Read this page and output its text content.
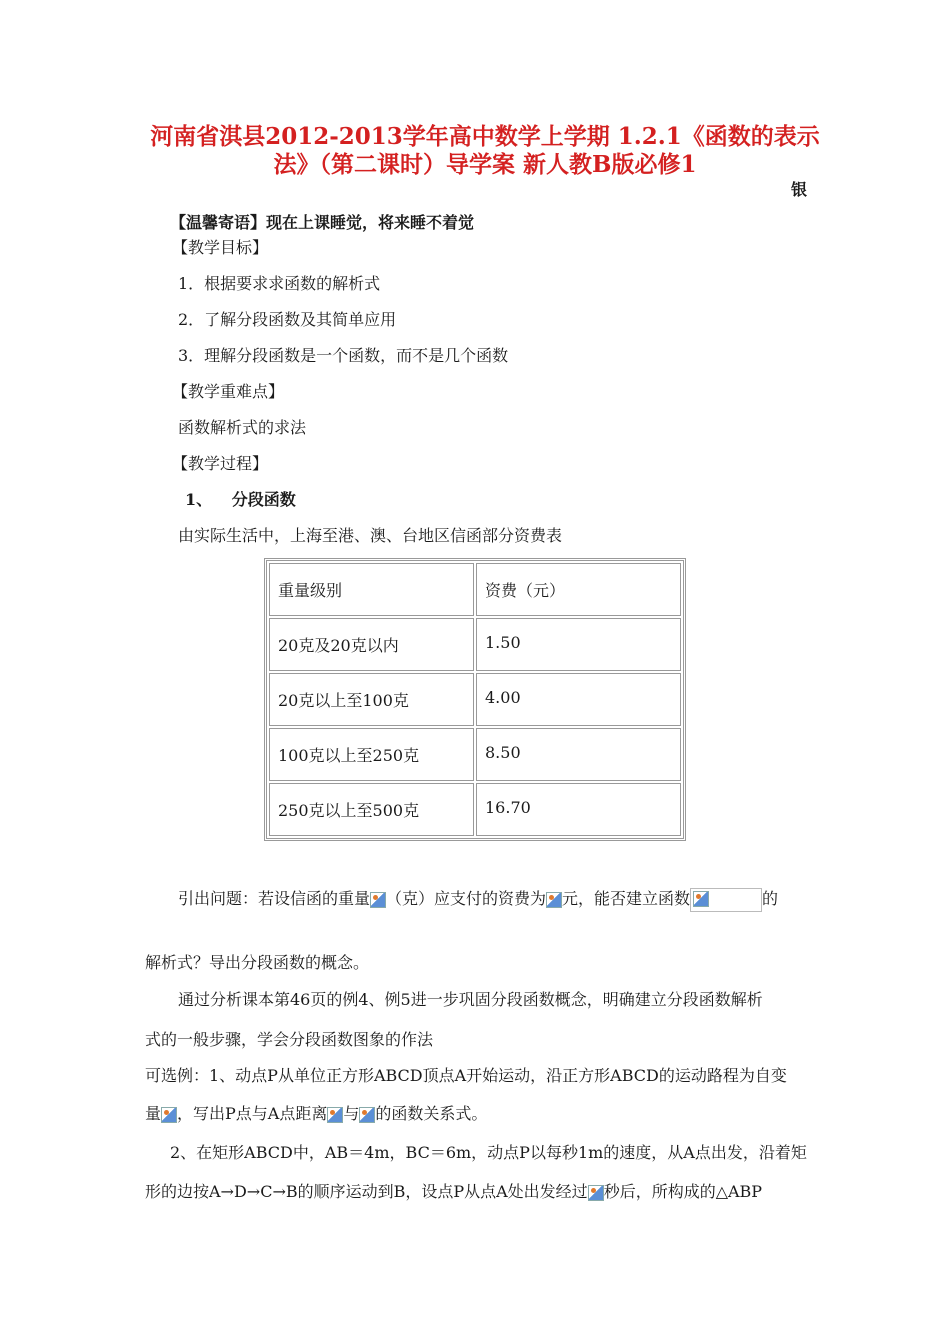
河南省淇县2012-2013学年高中数学上学期 1.2.1《函数的表示
法》（第二课时）导学案 新人教B版必修1
银
【温馨寄语】现在上课睡觉，将来睡不着觉
【教学目标】
1．根据要求求函数的解析式
2．了解分段函数及其简单应用
3．理解分段函数是一个函数，而不是几个函数
【教学重难点】
函数解析式的求法
【教学过程】
1、 分段函数
由实际生活中，上海至港、澳、台地区信函部分资费表
重量级别	资费（元）
20克及20克以内	1.50
20克以上至100克	4.00
100克以上至250克	8.50
250克以上至500克	16.70
引出问题：若设信函的重量 （克）应支付的资费为 元，能否建立函数	的
解析式？导出分段函数的概念。
通过分析课本第46页的例4、例5进一步巩固分段函数概念，明确建立分段函数解析
式的一般步骤，学会分段函数图象的作法
可选例：1、动点P从单位正方形ABCD顶点A开始运动，沿正方形ABCD的运动路程为自变
量 ，写出P点与A点距离 与 的函数关系式。
2、在矩形ABCD中，AB＝4m，BC＝6m，动点P以每秒1m的速度，从A点出发，沿着矩
形的边按A→D→C→B的顺序运动到B，设点P从点A处出发经过 秒后，所构成的△ABP
